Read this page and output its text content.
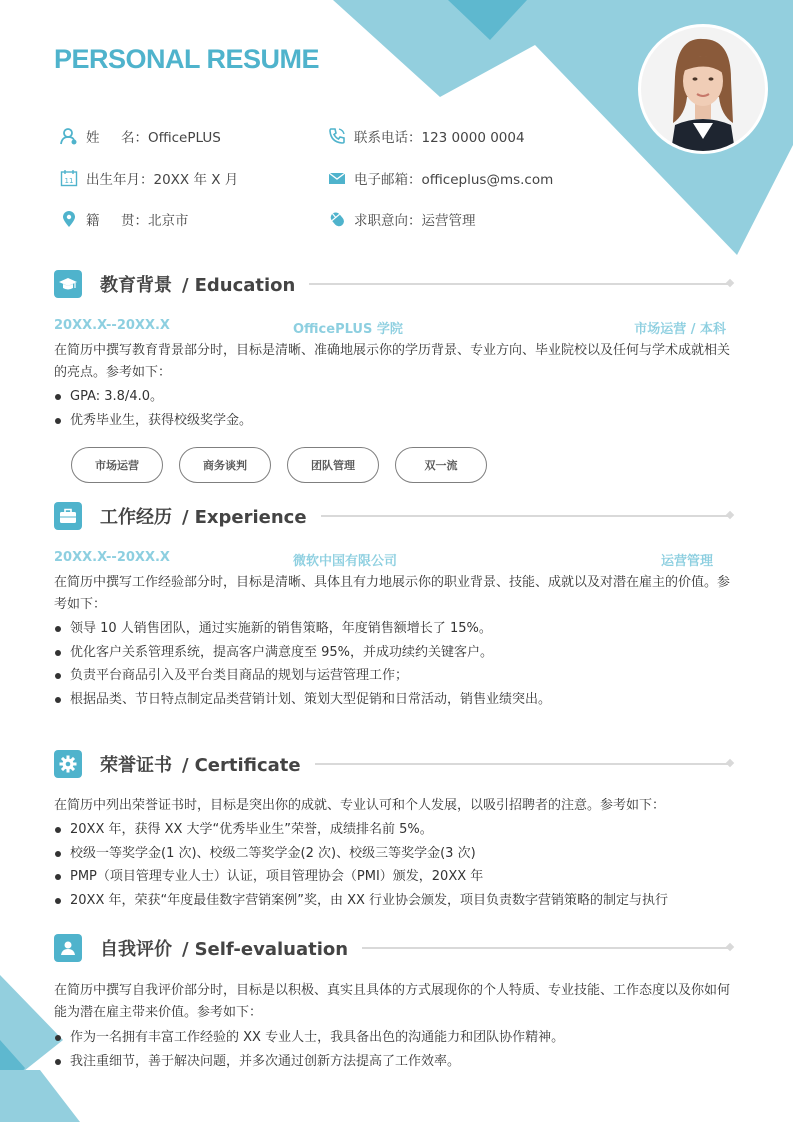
PERSONAL RESUME
姓     名：OfficePLUS	联系电话：123 0000 0004
11 出生年月：20XX 年 X 月	电子邮箱：officeplus@ms.com
籍     贯：北京市	求职意向：运营管理
教育背景 / Education
20XX.X--20XX.X	OfficePLUS 学院	市场运营 / 本科
在简历中撰写教育背景部分时，目标是清晰、准确地展示你的学历背景、专业方向、毕业院校以及任何与学术成就相关的亮点。参考如下：
GPA: 3.8/4.0。
优秀毕业生，获得校级奖学金。
市场运营	商务谈判	团队管理	双一流
工作经历 / Experience
20XX.X--20XX.X	微软中国有限公司	运营管理
在简历中撰写工作经验部分时，目标是清晰、具体且有力地展示你的职业背景、技能、成就以及对潜在雇主的价值。参考如下：
领导 10 人销售团队，通过实施新的销售策略，年度销售额增长了 15%。
优化客户关系管理系统，提高客户满意度至 95%，并成功续约关键客户。
负责平台商品引入及平台类目商品的规划与运营管理工作；
根据品类、节日特点制定品类营销计划、策划大型促销和日常活动，销售业绩突出。
荣誉证书 / Certificate
在简历中列出荣誉证书时，目标是突出你的成就、专业认可和个人发展，以吸引招聘者的注意。参考如下：
20XX 年，获得 XX 大学“优秀毕业生”荣誉，成绩排名前 5%。
校级一等奖学金(1 次)、校级二等奖学金(2 次)、校级三等奖学金(3 次)
PMP（项目管理专业人士）认证，项目管理协会（PMI）颁发，20XX 年
20XX 年，荣获“年度最佳数字营销案例”奖，由 XX 行业协会颁发，项目负责数字营销策略的制定与执行
自我评价 / Self-evaluation
在简历中撰写自我评价部分时，目标是以积极、真实且具体的方式展现你的个人特质、专业技能、工作态度以及你如何能为潜在雇主带来价值。参考如下：
作为一名拥有丰富工作经验的 XX 专业人士，我具备出色的沟通能力和团队协作精神。
我注重细节，善于解决问题，并多次通过创新方法提高了工作效率。
